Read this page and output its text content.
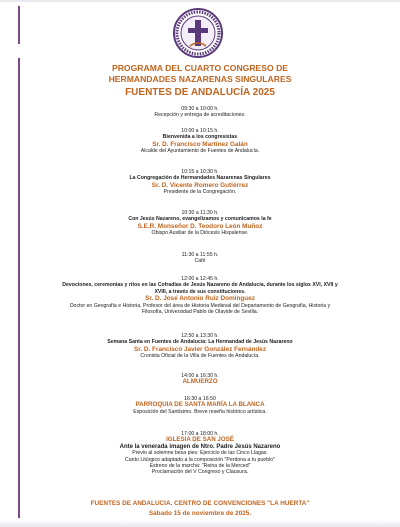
PROGRAMA DEL CUARTO CONGRESO DE
HERMANDADES NAZARENAS SINGULARES
FUENTES DE ANDALUCÍA 2025
09:30 a 10:00 h.
Recepción y entrega de acreditaciones.
10:00 a 10:15 h.
Bienvenida a los congresistas
Sr. D. Francisco Martínez Galán
Alcalde del Ayuntamiento de Fuentes de Andalucía.
10:15 a 10:30 h.
La Congregación de Hermandades Nazarenas Singulares
Sr. D. Vicente Romero Gutiérrez
Presidente de la Congregación.
10:30 a 11:30 h.
Con Jesús Nazareno, evangelizamos y comunicamos la fe
S.E.R. Monseñor D. Teodoro León Muñoz
Obispo Auxiliar de la Diócesis Hispalense.
11:30 a 11:55 h.
Café
12:00 a 12:45 h.
Devociones, ceremonias y ritos en las Cofradías de Jesús Nazareno de Andalucía, durante los siglos XVI, XVII y XVIII, a través de sus constituciones.
Sr. D. José Antonio Ruiz Domínguez
Doctor en Geografía e Historia. Profesor del área de Historia Medieval del Departamento de Geografía, Historia y Filosofía, Universidad Pablo de Olavide de Sevilla.
12:50 a 13:30 h.
Semana Santa en Fuentes de Andalucía: La Hermandad de Jesús Nazareno
Sr. D. Francisco Javier González Fernández
Cronista Oficial de la Villa de Fuentes de Andalucía.
14:00 a 16:30 h.
ALMUERZO
16:30 a 16:50
PARROQUIA DE SANTA MARÍA LA BLANCA
Exposición del Santísimo. Breve reseña histórico artística.
17:00 a 18:00 h.
IGLESIA DE SAN JOSÉ
Ante la venerada imagen de Ntro. Padre Jesús Nazareno
Previo al solemne besa pies: Ejercicio de las Cinco Llagas.
Canto Litúrgico adaptado a la composición "Perdona a tu pueblo"
Estreno de la marcha: "Reina de la Merced"
Proclamación del V Congreso y Clausura.
FUENTES DE ANDALUCIA. CENTRO DE CONVENCIONES "LA HUERTA"
Sábado 15 de noviembre de 2025.
